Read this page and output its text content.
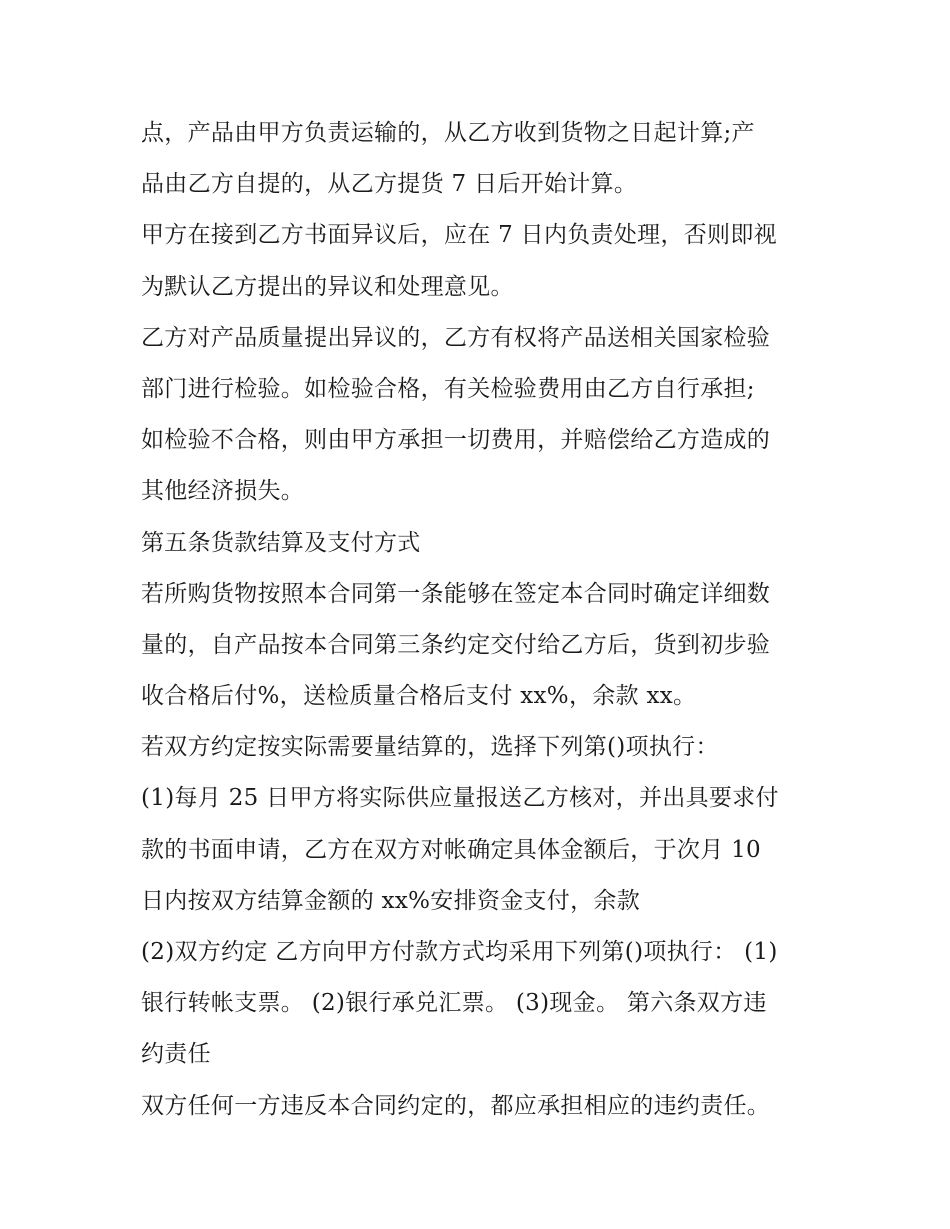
点，产品由甲方负责运输的，从乙方收到货物之日起计算;产
品由乙方自提的，从乙方提货 7 日后开始计算。
甲方在接到乙方书面异议后，应在 7 日内负责处理，否则即视
为默认乙方提出的异议和处理意见。
乙方对产品质量提出异议的，乙方有权将产品送相关国家检验
部门进行检验。如检验合格，有关检验费用由乙方自行承担;
如检验不合格，则由甲方承担一切费用，并赔偿给乙方造成的
其他经济损失。
第五条货款结算及支付方式
若所购货物按照本合同第一条能够在签定本合同时确定详细数
量的，自产品按本合同第三条约定交付给乙方后，货到初步验
收合格后付%，送检质量合格后支付 xx%，余款 xx。
若双方约定按实际需要量结算的，选择下列第()项执行：
(1)每月 25 日甲方将实际供应量报送乙方核对，并出具要求付
款的书面申请，乙方在双方对帐确定具体金额后，于次月 10
日内按双方结算金额的 xx%安排资金支付，余款
(2)双方约定 乙方向甲方付款方式均采用下列第()项执行： (1)
银行转帐支票。 (2)银行承兑汇票。 (3)现金。 第六条双方违
约责任
双方任何一方违反本合同约定的，都应承担相应的违约责任。
